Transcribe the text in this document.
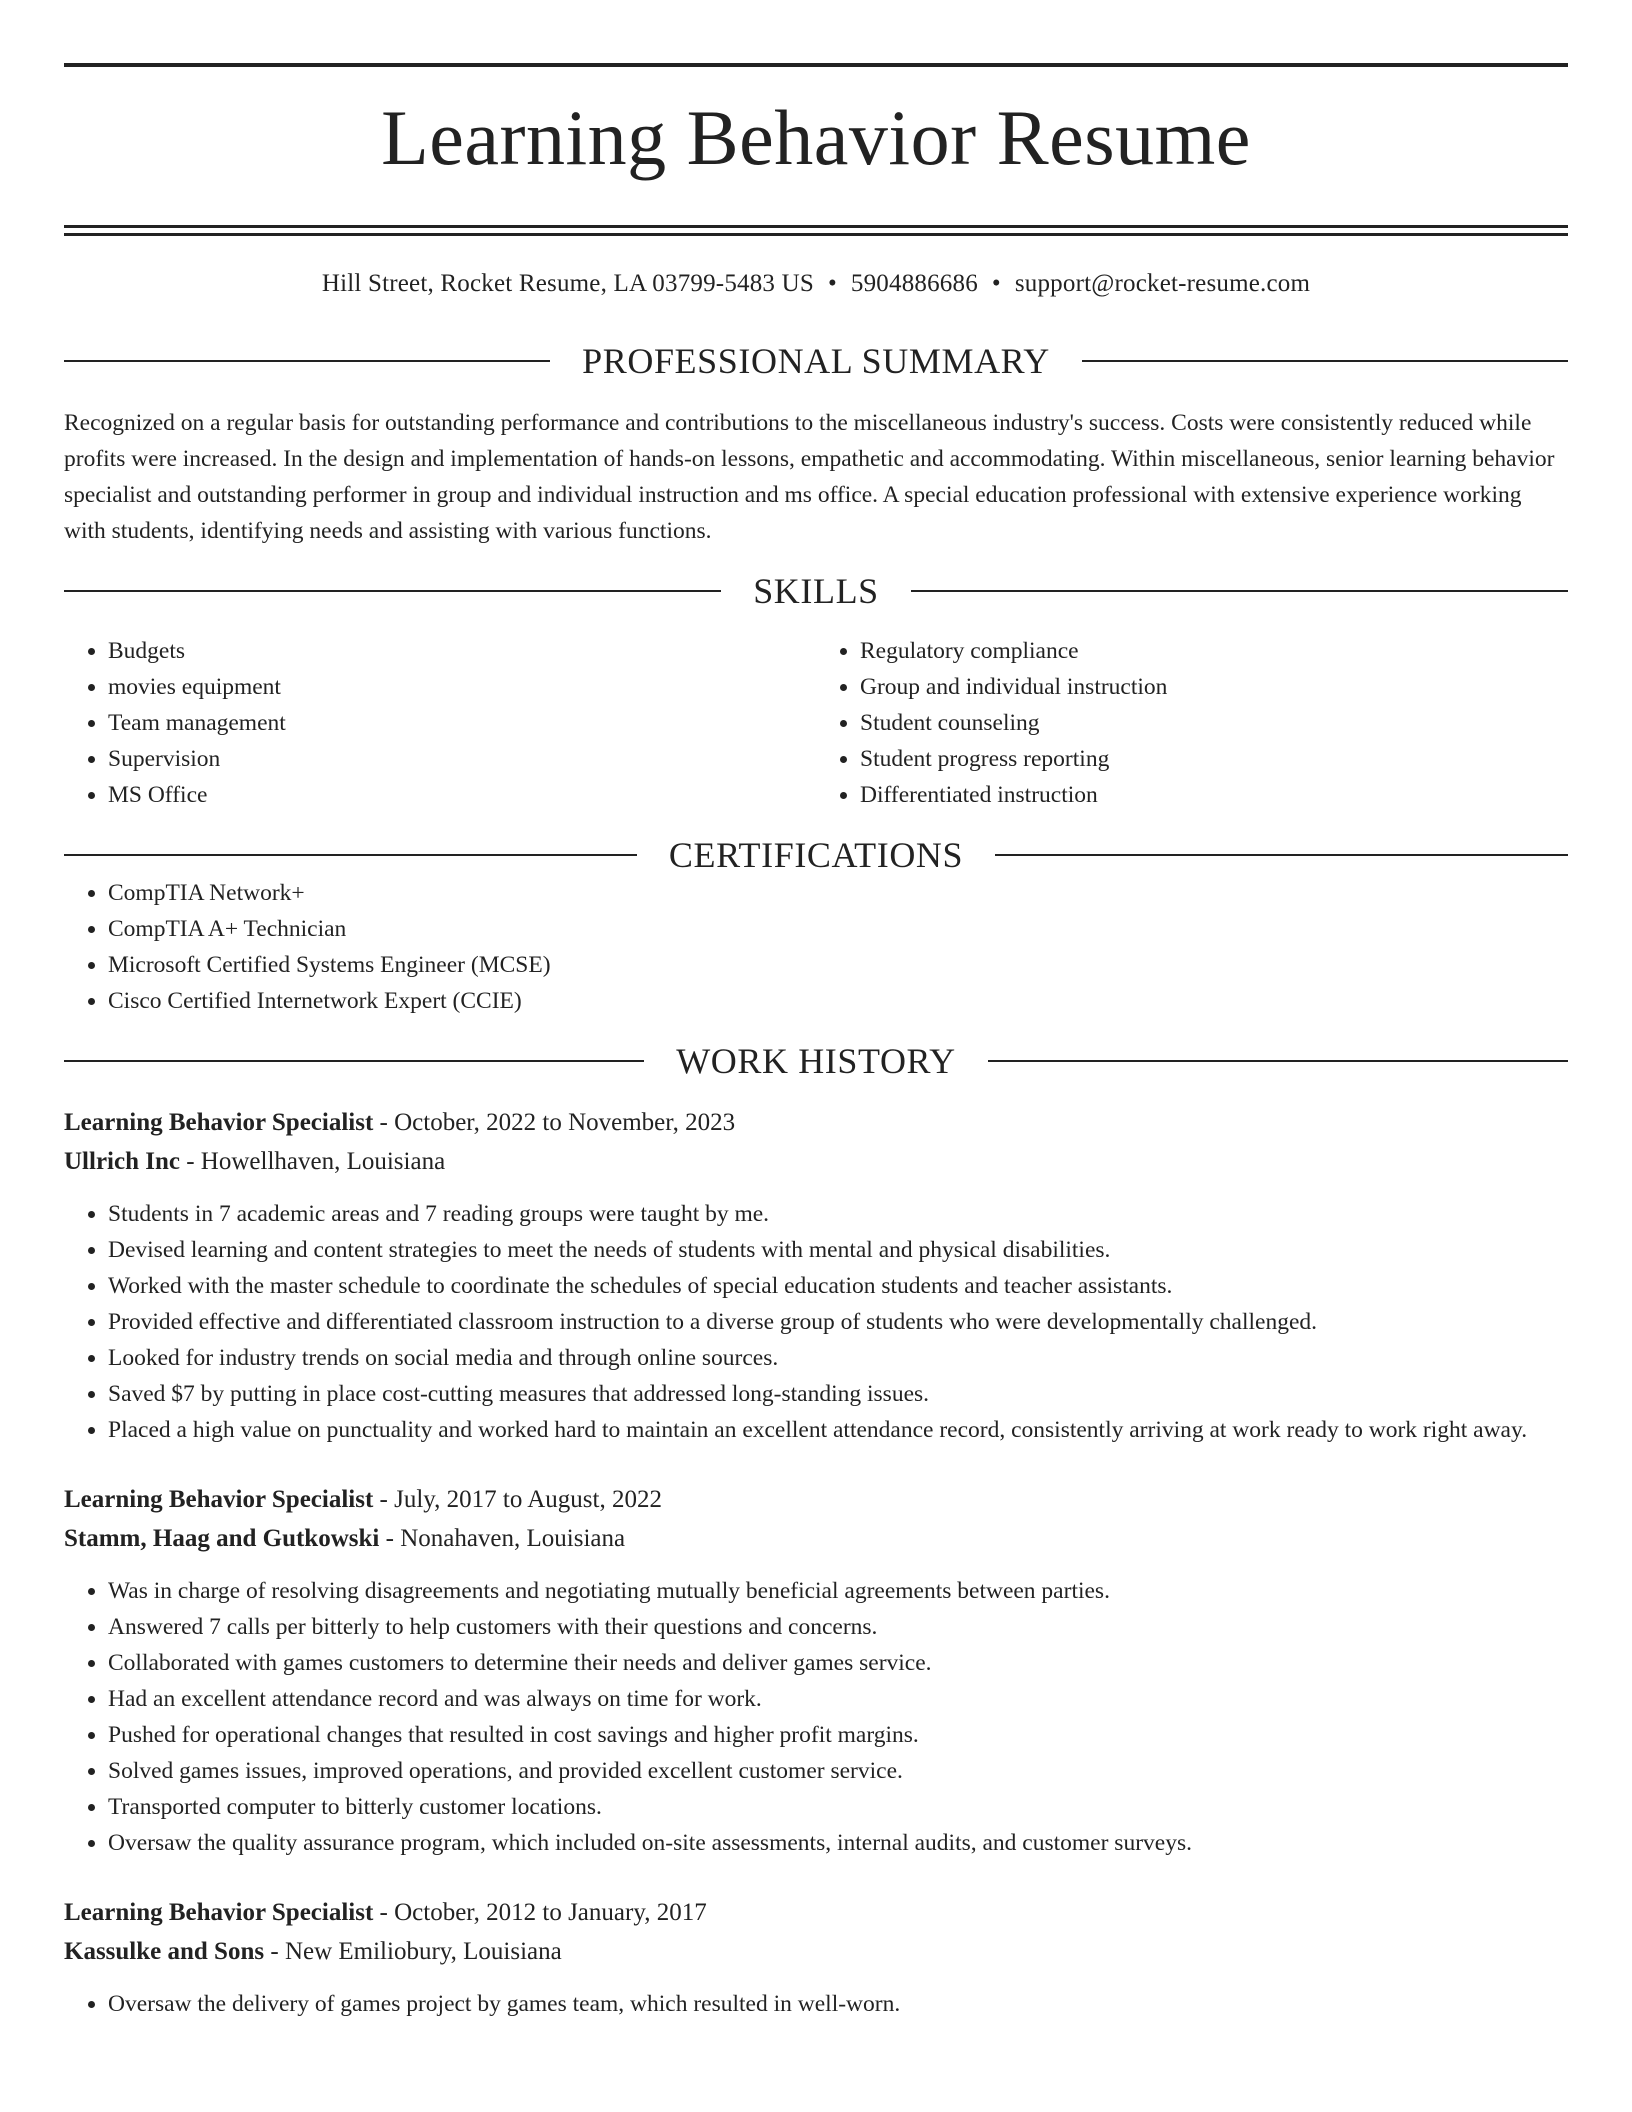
Learning Behavior Resume
Hill Street, Rocket Resume, LA 03799-5483 US • 5904886686 • support@rocket-resume.com
PROFESSIONAL SUMMARY

Recognized on a regular basis for outstanding performance and contributions to the miscellaneous industry's success. Costs were consistently reduced while profits were increased. In the design and implementation of hands-on lessons, empathetic and accommodating. Within miscellaneous, senior learning behavior specialist and outstanding performer in group and individual instruction and ms office. A special education professional with extensive experience working with students, identifying needs and assisting with various functions.

SKILLS
• Budgets
• movies equipment
• Team management
• Supervision
• MS Office
• Regulatory compliance
• Group and individual instruction
• Student counseling
• Student progress reporting
• Differentiated instruction
CERTIFICATIONS
• CompTIA Network+
• CompTIA A+ Technician
• Microsoft Certified Systems Engineer (MCSE)
• Cisco Certified Internetwork Expert (CCIE)
WORK HISTORY
Learning Behavior Specialist - October, 2022 to November, 2023
Ullrich Inc - Howellhaven, Louisiana
• Students in 7 academic areas and 7 reading groups were taught by me.
• Devised learning and content strategies to meet the needs of students with mental and physical disabilities.
• Worked with the master schedule to coordinate the schedules of special education students and teacher assistants.
• Provided effective and differentiated classroom instruction to a diverse group of students who were developmentally challenged.
• Looked for industry trends on social media and through online sources.
• Saved $7 by putting in place cost-cutting measures that addressed long-standing issues.
• Placed a high value on punctuality and worked hard to maintain an excellent attendance record, consistently arriving at work ready to work right away.
Learning Behavior Specialist - July, 2017 to August, 2022
Stamm, Haag and Gutkowski - Nonahaven, Louisiana
• Was in charge of resolving disagreements and negotiating mutually beneficial agreements between parties.
• Answered 7 calls per bitterly to help customers with their questions and concerns.
• Collaborated with games customers to determine their needs and deliver games service.
• Had an excellent attendance record and was always on time for work.
• Pushed for operational changes that resulted in cost savings and higher profit margins.
• Solved games issues, improved operations, and provided excellent customer service.
• Transported computer to bitterly customer locations.
• Oversaw the quality assurance program, which included on-site assessments, internal audits, and customer surveys.
Learning Behavior Specialist - October, 2012 to January, 2017
Kassulke and Sons - New Emiliobury, Louisiana
• Oversaw the delivery of games project by games team, which resulted in well-worn.
